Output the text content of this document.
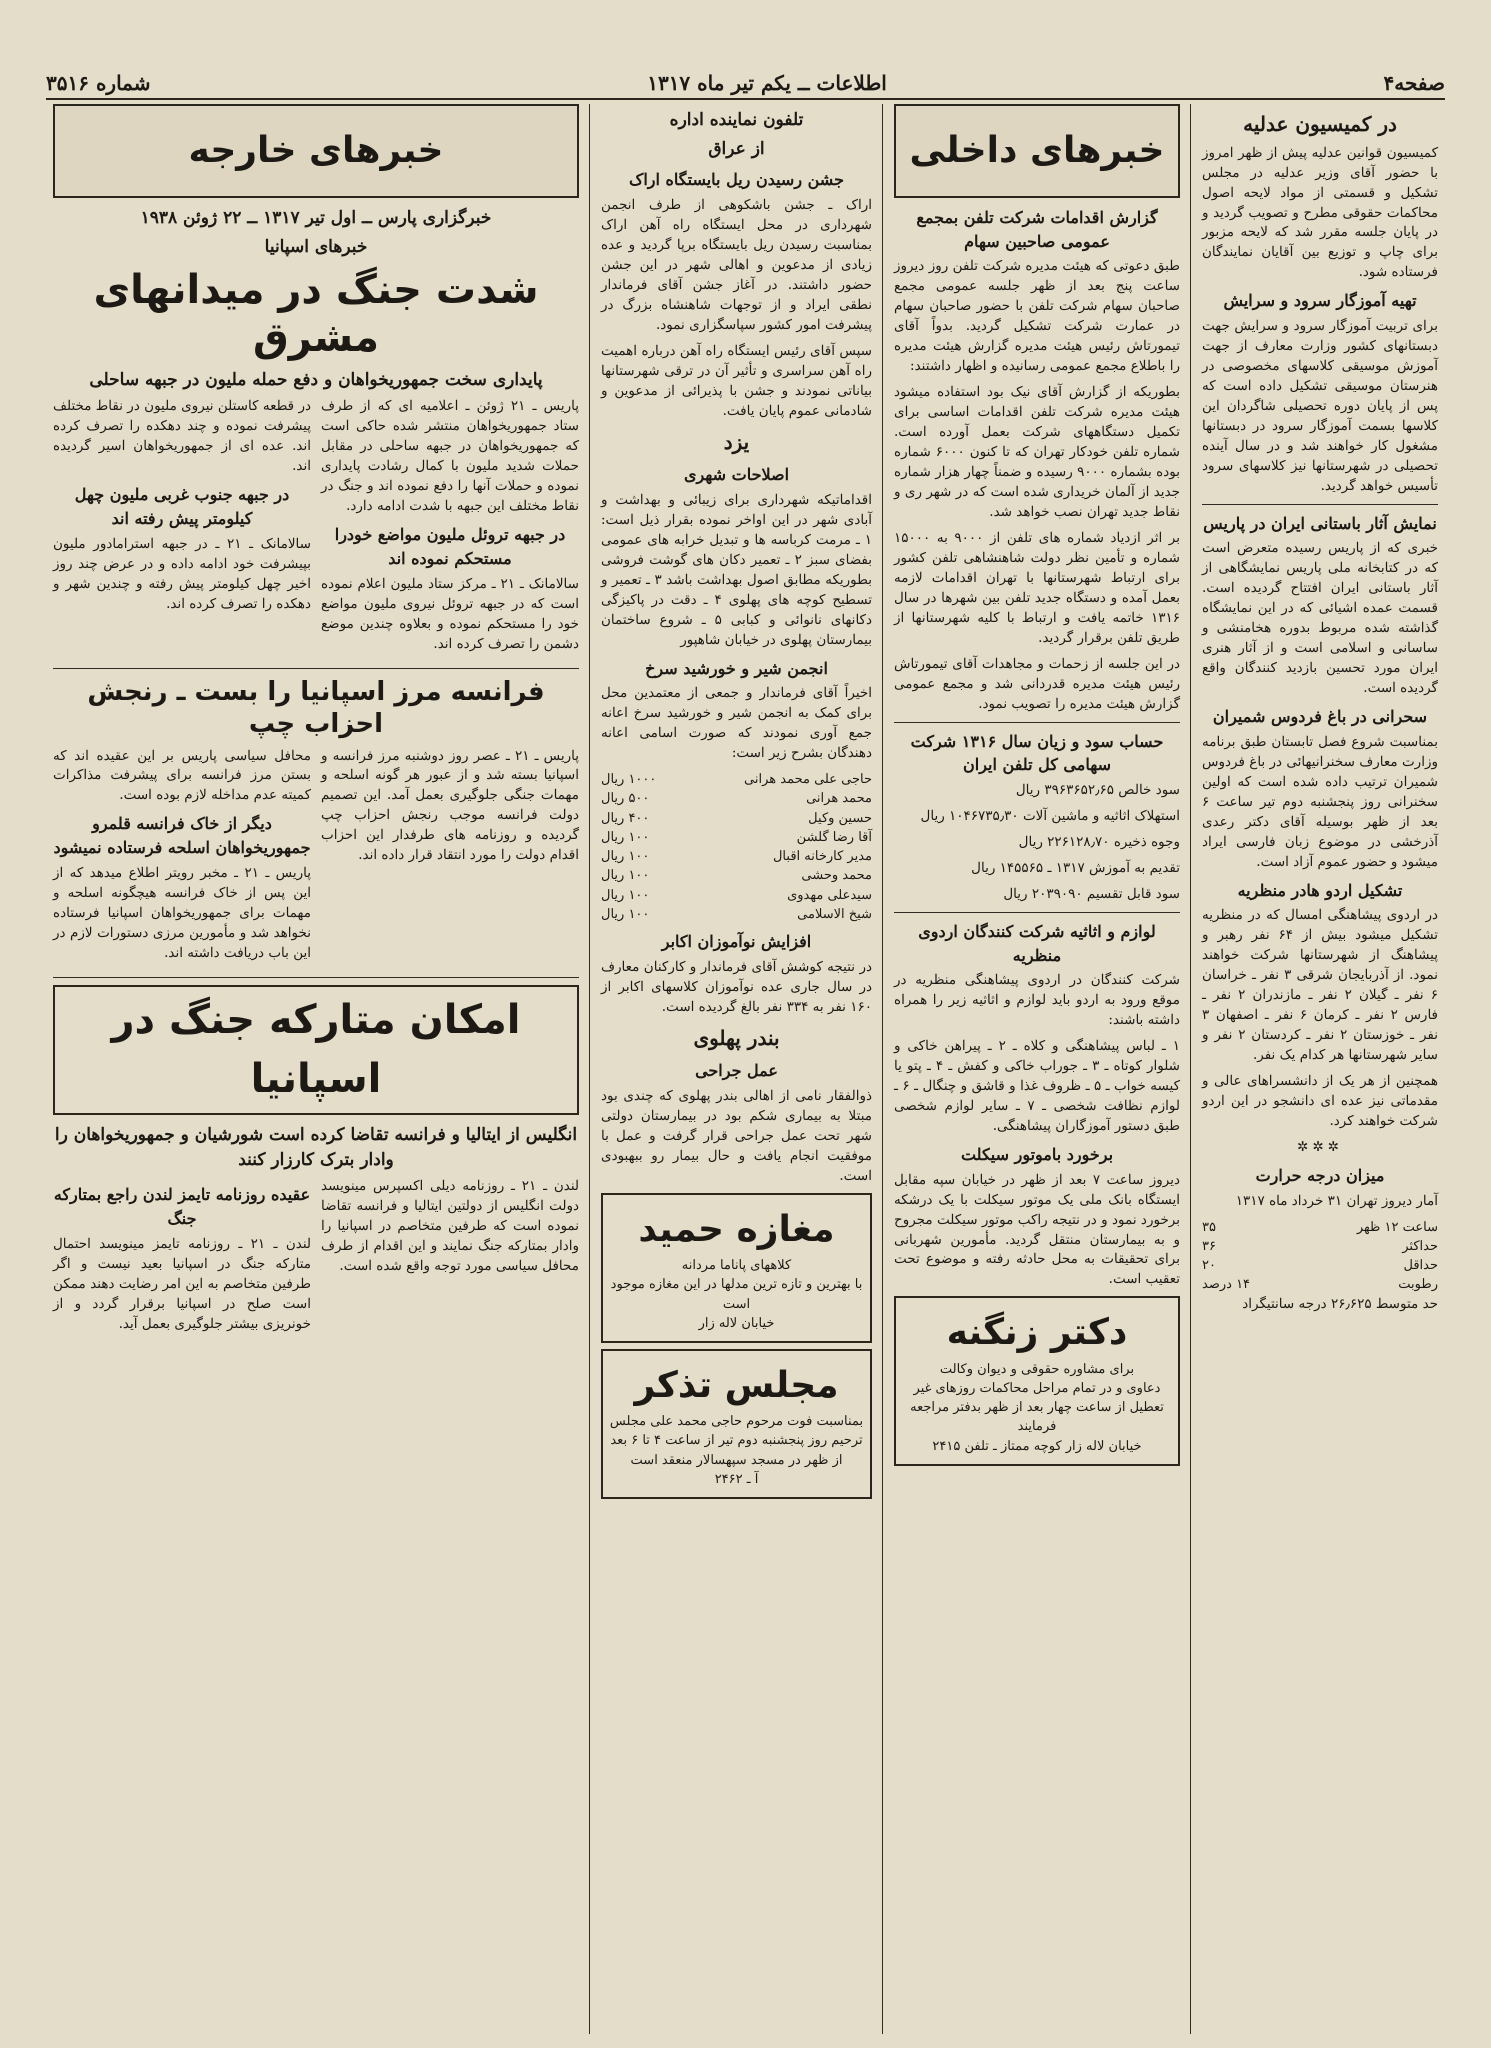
صفحه۴
اطلاعات ــ یکم تیر ماه ۱۳۱۷
شماره ۳۵۱۶
در کمیسیون عدلیه

کمیسیون قوانین عدلیه پیش از ظهر امروز با حضور آقای وزیر عدلیه در مجلس تشکیل و قسمتی از مواد لایحه اصول محاکمات حقوقی مطرح و تصویب گردید و در پایان جلسه مقرر شد که لایحه مزبور برای چاپ و توزیع بین آقایان نمایندگان فرستاده شود.

تهیه آموزگار سرود و سرایش

برای تربیت آموزگار سرود و سرایش جهت دبستانهای کشور وزارت معارف از جهت آموزش موسیقی کلاسهای مخصوصی در هنرستان موسیقی تشکیل داده است که پس از پایان دوره تحصیلی شاگردان این کلاسها بسمت آموزگار سرود در دبستانها مشغول کار خواهند شد و در سال آینده تحصیلی در شهرستانها نیز کلاسهای سرود تأسیس خواهد گردید.

نمایش آثار باستانی ایران در پاریس

خبری که از پاریس رسیده متعرض است که در کتابخانه ملی پاریس نمایشگاهی از آثار باستانی ایران افتتاح گردیده است. قسمت عمده اشیائی که در این نمایشگاه گذاشته شده مربوط بدوره هخامنشی و ساسانی و اسلامی است و از آثار هنری ایران مورد تحسین بازدید کنندگان واقع گردیده است.

سحرانی در باغ فردوس شمیران

بمناسبت شروع فصل تابستان طبق برنامه وزارت معارف سخنرانیهائی در باغ فردوس شمیران ترتیب داده شده است که اولین سخنرانی روز پنجشنبه دوم تیر ساعت ۶ بعد از ظهر بوسیله آقای دکتر رعدی آذرخشی در موضوع زبان فارسی ایراد میشود و حضور عموم آزاد است.

تشکیل اردو هادر منظریه

در اردوی پیشاهنگی امسال که در منظریه تشکیل میشود بیش از ۶۴ نفر رهبر و پیشاهنگ از شهرستانها شرکت خواهند نمود. از آذربایجان شرقی ۳ نفر ـ خراسان ۶ نفر ـ گیلان ۲ نفر ـ مازندران ۲ نفر ـ فارس ۲ نفر ـ کرمان ۶ نفر ـ اصفهان ۳ نفر ـ خوزستان ۲ نفر ـ کردستان ۲ نفر و سایر شهرستانها هر کدام یک نفر.

همچنین از هر یک از دانشسراهای عالی و مقدماتی نیز عده ای دانشجو در این اردو شرکت خواهند کرد.

✲✲✲
میزان درجه حرارت

آمار دیروز تهران ۳۱ خرداد ماه ۱۳۱۷

ساعت ۱۲ ظهر
۳۵
حداکثر
۳۶
حداقل
۲۰
رطوبت
۱۴ درصد

حد متوسط ۲۶٫۶۲۵ درجه سانتیگراد

خبرهای داخلی
گزارش اقدامات شرکت تلفن بمجمع عمومی صاحبین سهام

طبق دعوتی که هیئت مدیره شرکت تلفن روز دیروز ساعت پنج بعد از ظهر جلسه عمومی مجمع صاحبان سهام شرکت تلفن با حضور صاحبان سهام در عمارت شرکت تشکیل گردید. بدواً آقای تیمورتاش رئیس هیئت مدیره گزارش هیئت مدیره را باطلاع مجمع عمومی رسانیده و اظهار داشتند:

بطوریکه از گزارش آقای نیک بود استفاده میشود هیئت مدیره شرکت تلفن اقدامات اساسی برای تکمیل دستگاههای شرکت بعمل آورده است. شماره تلفن خودکار تهران که تا کنون ۶۰۰۰ شماره بوده بشماره ۹۰۰۰ رسیده و ضمناً چهار هزار شماره جدید از آلمان خریداری شده است که در شهر ری و نقاط جدید تهران نصب خواهد شد.

بر اثر ازدیاد شماره های تلفن از ۹۰۰۰ به ۱۵۰۰۰ شماره و تأمین نظر دولت شاهنشاهی تلفن کشور برای ارتباط شهرستانها با تهران اقدامات لازمه بعمل آمده و دستگاه جدید تلفن بین شهرها در سال ۱۳۱۶ خاتمه یافت و ارتباط با کلیه شهرستانها از طریق تلفن برقرار گردید.

در این جلسه از زحمات و مجاهدات آقای تیمورتاش رئیس هیئت مدیره قدردانی شد و مجمع عمومی گزارش هیئت مدیره را تصویب نمود.

حساب سود و زیان سال ۱۳۱۶ شرکت سهامی کل تلفن ایران

سود خالص ۳۹۶۳۶۵۲٫۶۵ ریال

استهلاک اثاثیه و ماشین آلات ۱۰۴۶۷۳۵٫۳۰ ریال

وجوه ذخیره ۲۲۶۱۲۸٫۷۰ ریال

تقدیم به آموزش ۱۳۱۷ ـ ۱۴۵۵۶۵ ریال

سود قابل تقسیم ۲۰۳۹۰۹۰ ریال

لوازم و اثاثیه شرکت کنندگان اردوی منظریه

شرکت کنندگان در اردوی پیشاهنگی منظریه در موقع ورود به اردو باید لوازم و اثاثیه زیر را همراه داشته باشند:

۱ ـ لباس پیشاهنگی و کلاه ـ ۲ ـ پیراهن خاکی و شلوار کوتاه ـ ۳ ـ جوراب خاکی و کفش ـ ۴ ـ پتو یا کیسه خواب ـ ۵ ـ ظروف غذا و قاشق و چنگال ـ ۶ ـ لوازم نظافت شخصی ـ ۷ ـ سایر لوازم شخصی طبق دستور آموزگاران پیشاهنگی.

برخورد باموتور سیکلت

دیروز ساعت ۷ بعد از ظهر در خیابان سپه مقابل ایستگاه بانک ملی یک موتور سیکلت با یک درشکه برخورد نمود و در نتیجه راکب موتور سیکلت مجروح و به بیمارستان منتقل گردید. مأمورین شهربانی برای تحقیقات به محل حادثه رفته و موضوع تحت تعقیب است.

دکتر زنگنه
برای مشاوره حقوقی و دیوان وکالت
دعاوی و در تمام مراحل محاکمات روزهای غیر تعطیل از ساعت چهار بعد از ظهر بدفتر مراجعه فرمایند
خیابان لاله زار کوچه ممتاز ـ تلفن ۲۴۱۵
تلفون نماینده اداره
از عراق
جشن رسیدن ریل بایستگاه اراک

اراک ـ جشن باشکوهی از طرف انجمن شهرداری در محل ایستگاه راه آهن اراک بمناسبت رسیدن ریل بایستگاه برپا گردید و عده زیادی از مدعوین و اهالی شهر در این جشن حضور داشتند. در آغاز جشن آقای فرماندار نطقی ایراد و از توجهات شاهنشاه بزرگ در پیشرفت امور کشور سپاسگزاری نمود.

سپس آقای رئیس ایستگاه راه آهن درباره اهمیت راه آهن سراسری و تأثیر آن در ترقی شهرستانها بیاناتی نمودند و جشن با پذیرائی از مدعوین و شادمانی عموم پایان یافت.

یزد
اصلاحات شهری

اقداماتیکه شهرداری برای زیبائی و بهداشت و آبادی شهر در این اواخر نموده بقرار ذیل است: ۱ ـ مرمت کرباسه ها و تبدیل خرابه های عمومی بفضای سبز ۲ ـ تعمیر دکان های گوشت فروشی بطوریکه مطابق اصول بهداشت باشد ۳ ـ تعمیر و تسطیح کوچه های پهلوی ۴ ـ دقت در پاکیزگی دکانهای نانوائی و کبابی ۵ ـ شروع ساختمان بیمارستان پهلوی در خیابان شاهپور

انجمن شیر و خورشید سرخ

اخیراً آقای فرماندار و جمعی از معتمدین محل برای کمک به انجمن شیر و خورشید سرخ اعانه جمع آوری نمودند که صورت اسامی اعانه دهندگان بشرح زیر است:

حاجی علی محمد هرانی
۱۰۰۰ ریال
محمد هرانی
۵۰۰ ریال
حسین وکیل
۴۰۰ ریال
آقا رضا گلشن
۱۰۰ ریال
مدیر کارخانه اقبال
۱۰۰ ریال
محمد وحشی
۱۰۰ ریال
سیدعلی مهدوی
۱۰۰ ریال
شیخ الاسلامی
۱۰۰ ریال
افزایش نوآموزان اکابر

در نتیجه کوشش آقای فرماندار و کارکنان معارف در سال جاری عده نوآموزان کلاسهای اکابر از ۱۶۰ نفر به ۳۳۴ نفر بالغ گردیده است.

بندر پهلوی
عمل جراحی

ذوالفقار نامی از اهالی بندر پهلوی که چندی بود مبتلا به بیماری شکم بود در بیمارستان دولتی شهر تحت عمل جراحی قرار گرفت و عمل با موفقیت انجام یافت و حال بیمار رو ببهبودی است.

مغازه حمید
کلاههای پاناما مردانه
با بهترین و تازه ترین مدلها در این مغازه موجود است
خیابان لاله زار
مجلس تذکر
بمناسبت فوت مرحوم حاجی محمد علی مجلس ترحیم روز پنجشنبه دوم تیر از ساعت ۴ تا ۶ بعد از ظهر در مسجد سپهسالار منعقد است
آ ـ ۲۴۶۲
خبرهای خارجه
خبرگزاری پارس ــ اول تیر ۱۳۱۷ ــ ۲۲ ژوئن ۱۹۳۸
خبرهای اسپانیا
شدت جنگ در میدانهای مشرق
پایداری سخت جمهوریخواهان و دفع حمله ملیون در جبهه ساحلی

پاریس ـ ۲۱ ژوئن ـ اعلامیه ای که از طرف ستاد جمهوریخواهان منتشر شده حاکی است که جمهوریخواهان در جبهه ساحلی در مقابل حملات شدید ملیون با کمال رشادت پایداری نموده و حملات آنها را دفع نموده اند و جنگ در نقاط مختلف این جبهه با شدت ادامه دارد.

در جبهه تروئل ملیون مواضع خودرا مستحکم نموده اند

سالامانک ـ ۲۱ ـ مرکز ستاد ملیون اعلام نموده است که در جبهه تروئل نیروی ملیون مواضع خود را مستحکم نموده و بعلاوه چندین موضع دشمن را تصرف کرده اند.

در قطعه کاستلن نیروی ملیون در نقاط مختلف پیشرفت نموده و چند دهکده را تصرف کرده اند. عده ای از جمهوریخواهان اسیر گردیده اند.

در جبهه جنوب غربی ملیون چهل کیلومتر پیش رفته اند

سالامانک ـ ۲۱ ـ در جبهه استرامادور ملیون بپیشرفت خود ادامه داده و در عرض چند روز اخیر چهل کیلومتر پیش رفته و چندین شهر و دهکده را تصرف کرده اند.

فرانسه مرز اسپانیا را بست ـ رنجش احزاب چپ

پاریس ـ ۲۱ ـ عصر روز دوشنبه مرز فرانسه و اسپانیا بسته شد و از عبور هر گونه اسلحه و مهمات جنگی جلوگیری بعمل آمد. این تصمیم دولت فرانسه موجب رنجش احزاب چپ گردیده و روزنامه های طرفدار این احزاب اقدام دولت را مورد انتقاد قرار داده اند.

محافل سیاسی پاریس بر این عقیده اند که بستن مرز فرانسه برای پیشرفت مذاکرات کمیته عدم مداخله لازم بوده است.

دیگر از خاک فرانسه قلمرو جمهوریخواهان اسلحه فرستاده نمیشود

پاریس ـ ۲۱ ـ مخبر رویتر اطلاع میدهد که از این پس از خاک فرانسه هیچگونه اسلحه و مهمات برای جمهوریخواهان اسپانیا فرستاده نخواهد شد و مأمورین مرزی دستورات لازم در این باب دریافت داشته اند.

امکان متارکه جنگ در اسپانیا
انگلیس از ایتالیا و فرانسه تقاضا کرده است شورشیان و جمهوریخواهان را وادار بترک کارزار کنند

لندن ـ ۲۱ ـ روزنامه دیلی اکسپرس مینویسد دولت انگلیس از دولتین ایتالیا و فرانسه تقاضا نموده است که طرفین متخاصم در اسپانیا را وادار بمتارکه جنگ نمایند و این اقدام از طرف محافل سیاسی مورد توجه واقع شده است.

عقیده روزنامه تایمز لندن راجع بمتارکه جنگ

لندن ـ ۲۱ ـ روزنامه تایمز مینویسد احتمال متارکه جنگ در اسپانیا بعید نیست و اگر طرفین متخاصم به این امر رضایت دهند ممکن است صلح در اسپانیا برقرار گردد و از خونریزی بیشتر جلوگیری بعمل آید.
